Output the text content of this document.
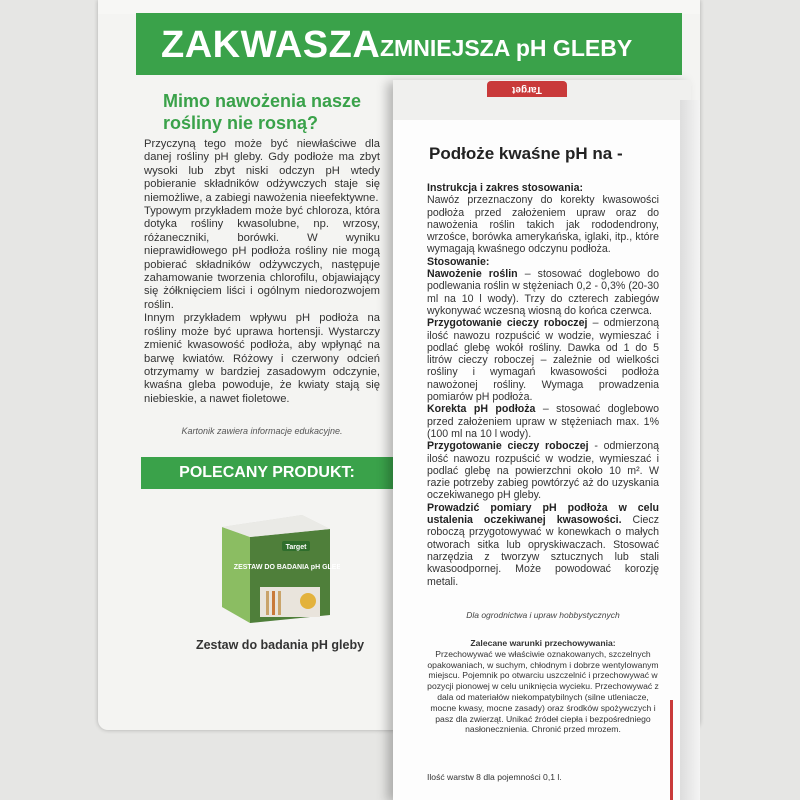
ZAKWASZA ZMNIEJSZA pH GLEBY
Mimo nawożenia nasze rośliny nie rosną?

Przyczyną tego może być niewłaściwe dla danej rośliny pH gleby. Gdy podłoże ma zbyt wysoki lub zbyt niski odczyn pH wtedy pobieranie składników odżywczych staje się niemożliwe, a zabiegi nawożenia nieefektywne.

Typowym przykładem może być chloroza, która dotyka rośliny kwasolubne, np. wrzosy, różaneczniki, borówki. W wyniku nieprawidłowego pH podłoża rośliny nie mogą pobierać składników odżywczych, następuje zahamowanie tworzenia chlorofilu, objawiający się żółknięciem liści i ogólnym niedorozwojem roślin.

Innym przykładem wpływu pH podłoża na rośliny może być uprawa hortensji. Wystarczy zmienić kwasowość podłoża, aby wpłynąć na barwę kwiatów. Różowy i czerwony odcień otrzymamy w bardziej zasadowym odczynie, kwaśna gleba powoduje, że kwiaty stają się niebieskie, a nawet fioletowe.

Kartonik zawiera informacje edukacyjne.
POLECANY PRODUKT:
Target
ZESTAW DO BADANIA pH GLEBY
Zestaw do badania pH gleby
Target
Podłoże kwaśne pH na -

Instrukcja i zakres stosowania:
Nawóz przeznaczony do korekty kwasowości podłoża przed założeniem upraw oraz do nawożenia roślin takich jak rododendrony, wrzośce, borówka amerykańska, iglaki, itp., które wymagają kwaśnego odczynu podłoża.

Stosowanie:

Nawożenie roślin – stosować doglebowo do podlewania roślin w stężeniach 0,2 - 0,3% (20-30 ml na 10 l wody). Trzy do czterech zabiegów wykonywać wczesną wiosną do końca czerwca.

Przygotowanie cieczy roboczej – odmierzoną ilość nawozu rozpuścić w wodzie, wymieszać i podlać glebę wokół rośliny. Dawka od 1 do 5 litrów cieczy roboczej – zależnie od wielkości rośliny i wymagań kwasowości podłoża nawożonej rośliny. Wymaga prowadzenia pomiarów pH podłoża.

Korekta pH podłoża – stosować doglebowo przed założeniem upraw w stężeniach max. 1% (100 ml na 10 l wody).

Przygotowanie cieczy roboczej - odmierzoną ilość nawozu rozpuścić w wodzie, wymieszać i podlać glebę na powierzchni około 10 m². W razie potrzeby zabieg powtórzyć aż do uzyskania oczekiwanego pH gleby.

Prowadzić pomiary pH podłoża w celu ustalenia oczekiwanej kwasowości. Ciecz roboczą przygotowywać w konewkach o małych otworach sitka lub opryskiwaczach. Stosować narzędzia z tworzyw sztucznych lub stali kwasoodpornej. Może powodować korozję metali.

Dla ogrodnictwa i upraw hobbystycznych

Zalecane warunki przechowywania:

Przechowywać we właściwie oznakowanych, szczelnych opakowaniach, w suchym, chłodnym i dobrze wentylowanym miejscu. Pojemnik po otwarciu uszczelnić i przechowywać w pozycji pionowej w celu uniknięcia wycieku. Przechowywać z dala od materiałów niekompatybilnych (silne utleniacze, mocne kwasy, mocne zasady) oraz środków spożywczych i pasz dla zwierząt. Unikać źródeł ciepła i bezpośredniego nasłonecznienia. Chronić przed mrozem.

Ilość warstw 8 dla pojemności 0,1 l.
